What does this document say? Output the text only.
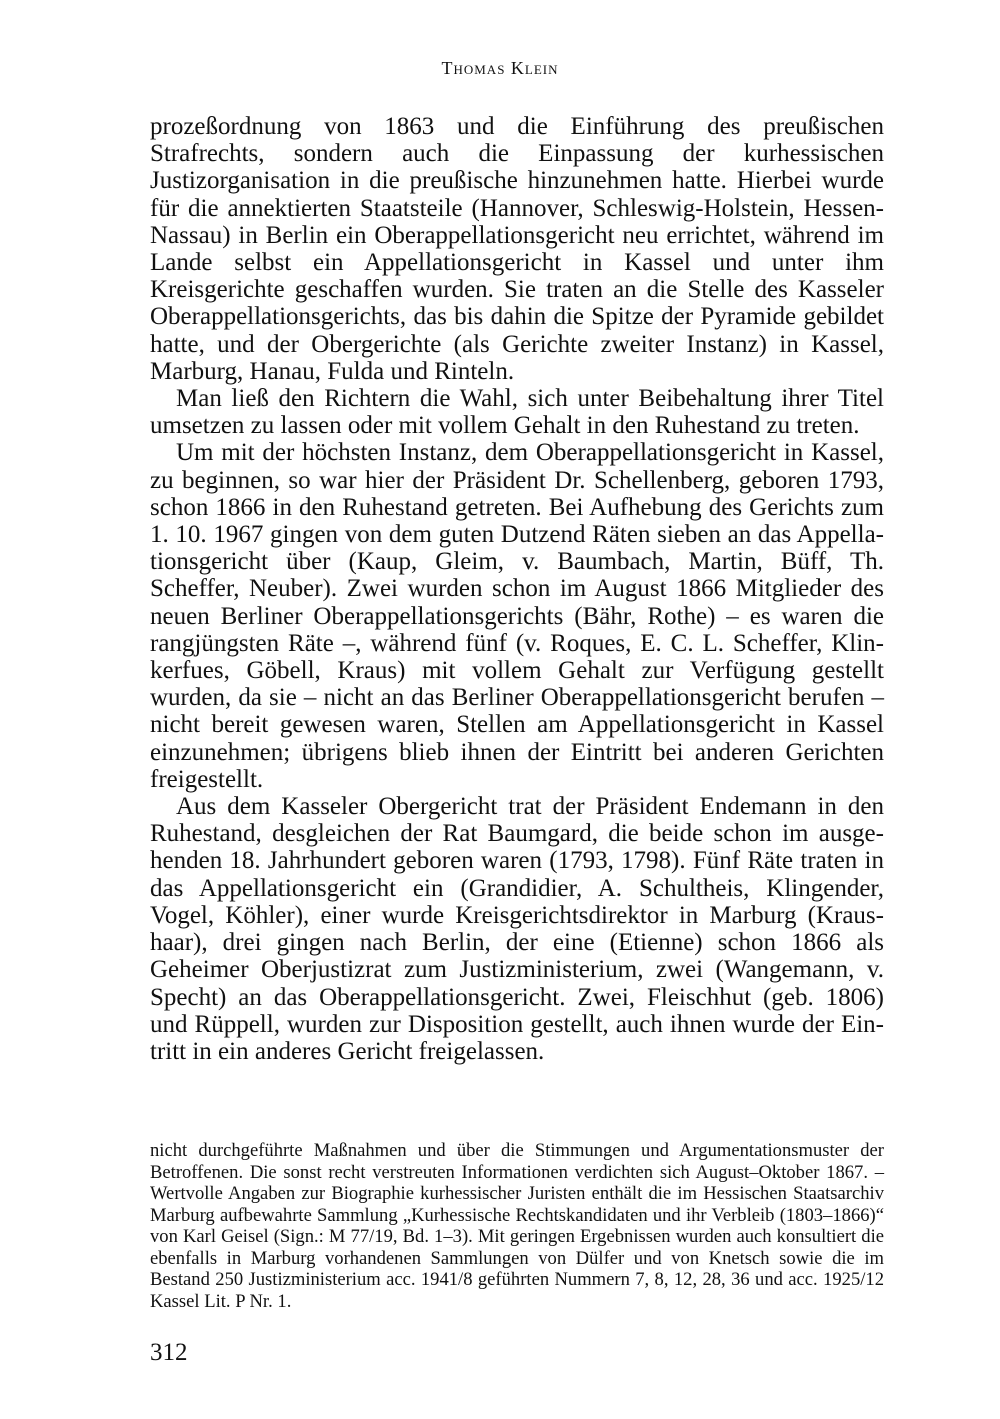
Thomas Klein

prozeßordnung von 1863 und die Einführung des preußischen Strafrechts, sondern auch die Einpassung der kurhessischen Justizorganisation in die preußische hinzunehmen hatte. Hierbei wurde für die annektierten Staatsteile (Hannover, Schleswig-Holstein, Hessen-Nassau) in Berlin ein Oberappellationsgericht neu errichtet, während im Lande selbst ein Appellationsgericht in Kassel und unter ihm Kreisgerichte geschaffen wurden. Sie traten an die Stelle des Kasseler Oberappellationsgerichts, das bis dahin die Spitze der Pyramide gebildet hatte, und der Obergerichte (als Gerichte zweiter Instanz) in Kassel, Marburg, Hanau, Fulda und Rinteln.

Man ließ den Richtern die Wahl, sich unter Beibehaltung ihrer Titel umsetzen zu lassen oder mit vollem Gehalt in den Ruhestand zu treten.

Um mit der höchsten Instanz, dem Oberappellationsgericht in Kassel, zu beginnen, so war hier der Präsident Dr. Schellenberg, geboren 1793, schon 1866 in den Ruhestand getreten. Bei Aufhebung des Gerichts zum 1. 10. 1967 gingen von dem guten Dutzend Räten sieben an das Appellationsgericht über (Kaup, Gleim, v. Baumbach, Martin, Büff, Th. Scheffer, Neuber). Zwei wurden schon im August 1866 Mitglieder des neuen Berliner Oberappellationsgerichts (Bähr, Rothe) – es waren die rangjüngsten Räte –, während fünf (v. Roques, E. C. L. Scheffer, Klinkerfues, Göbell, Kraus) mit vollem Gehalt zur Verfügung gestellt wurden, da sie – nicht an das Berliner Oberappellationsgericht berufen – nicht bereit gewesen waren, Stellen am Appellationsgericht in Kassel einzunehmen; übrigens blieb ihnen der Eintritt bei anderen Gerichten freigestellt.

Aus dem Kasseler Obergericht trat der Präsident Endemann in den Ruhestand, desgleichen der Rat Baumgard, die beide schon im ausgehenden 18. Jahrhundert geboren waren (1793, 1798). Fünf Räte traten in das Appellationsgericht ein (Grandidier, A. Schultheis, Klingender, Vogel, Köhler), einer wurde Kreisgerichtsdirektor in Marburg (Kraushaar), drei gingen nach Berlin, der eine (Etienne) schon 1866 als Geheimer Oberjustizrat zum Justizministerium, zwei (Wangemann, v. Specht) an das Oberappellationsgericht. Zwei, Fleischhut (geb. 1806) und Rüppell, wurden zur Disposition gestellt, auch ihnen wurde der Eintritt in ein anderes Gericht freigelassen.

nicht durchgeführte Maßnahmen und über die Stimmungen und Argumentationsmuster der Betroffenen. Die sonst recht verstreuten Informationen verdichten sich August–Oktober 1867. – Wertvolle Angaben zur Biographie kurhessischer Juristen enthält die im Hessischen Staatsarchiv Marburg aufbewahrte Sammlung „Kurhessische Rechtskandidaten und ihr Verbleib (1803–1866)“ von Karl Geisel (Sign.: M 77/19, Bd. 1–3). Mit geringen Ergebnissen wurden auch konsultiert die ebenfalls in Marburg vorhandenen Sammlungen von Dülfer und von Knetsch sowie die im Bestand 250 Justizministerium acc. 1941/8 geführten Nummern 7, 8, 12, 28, 36 und acc. 1925/12 Kassel Lit. P Nr. 1.

312
